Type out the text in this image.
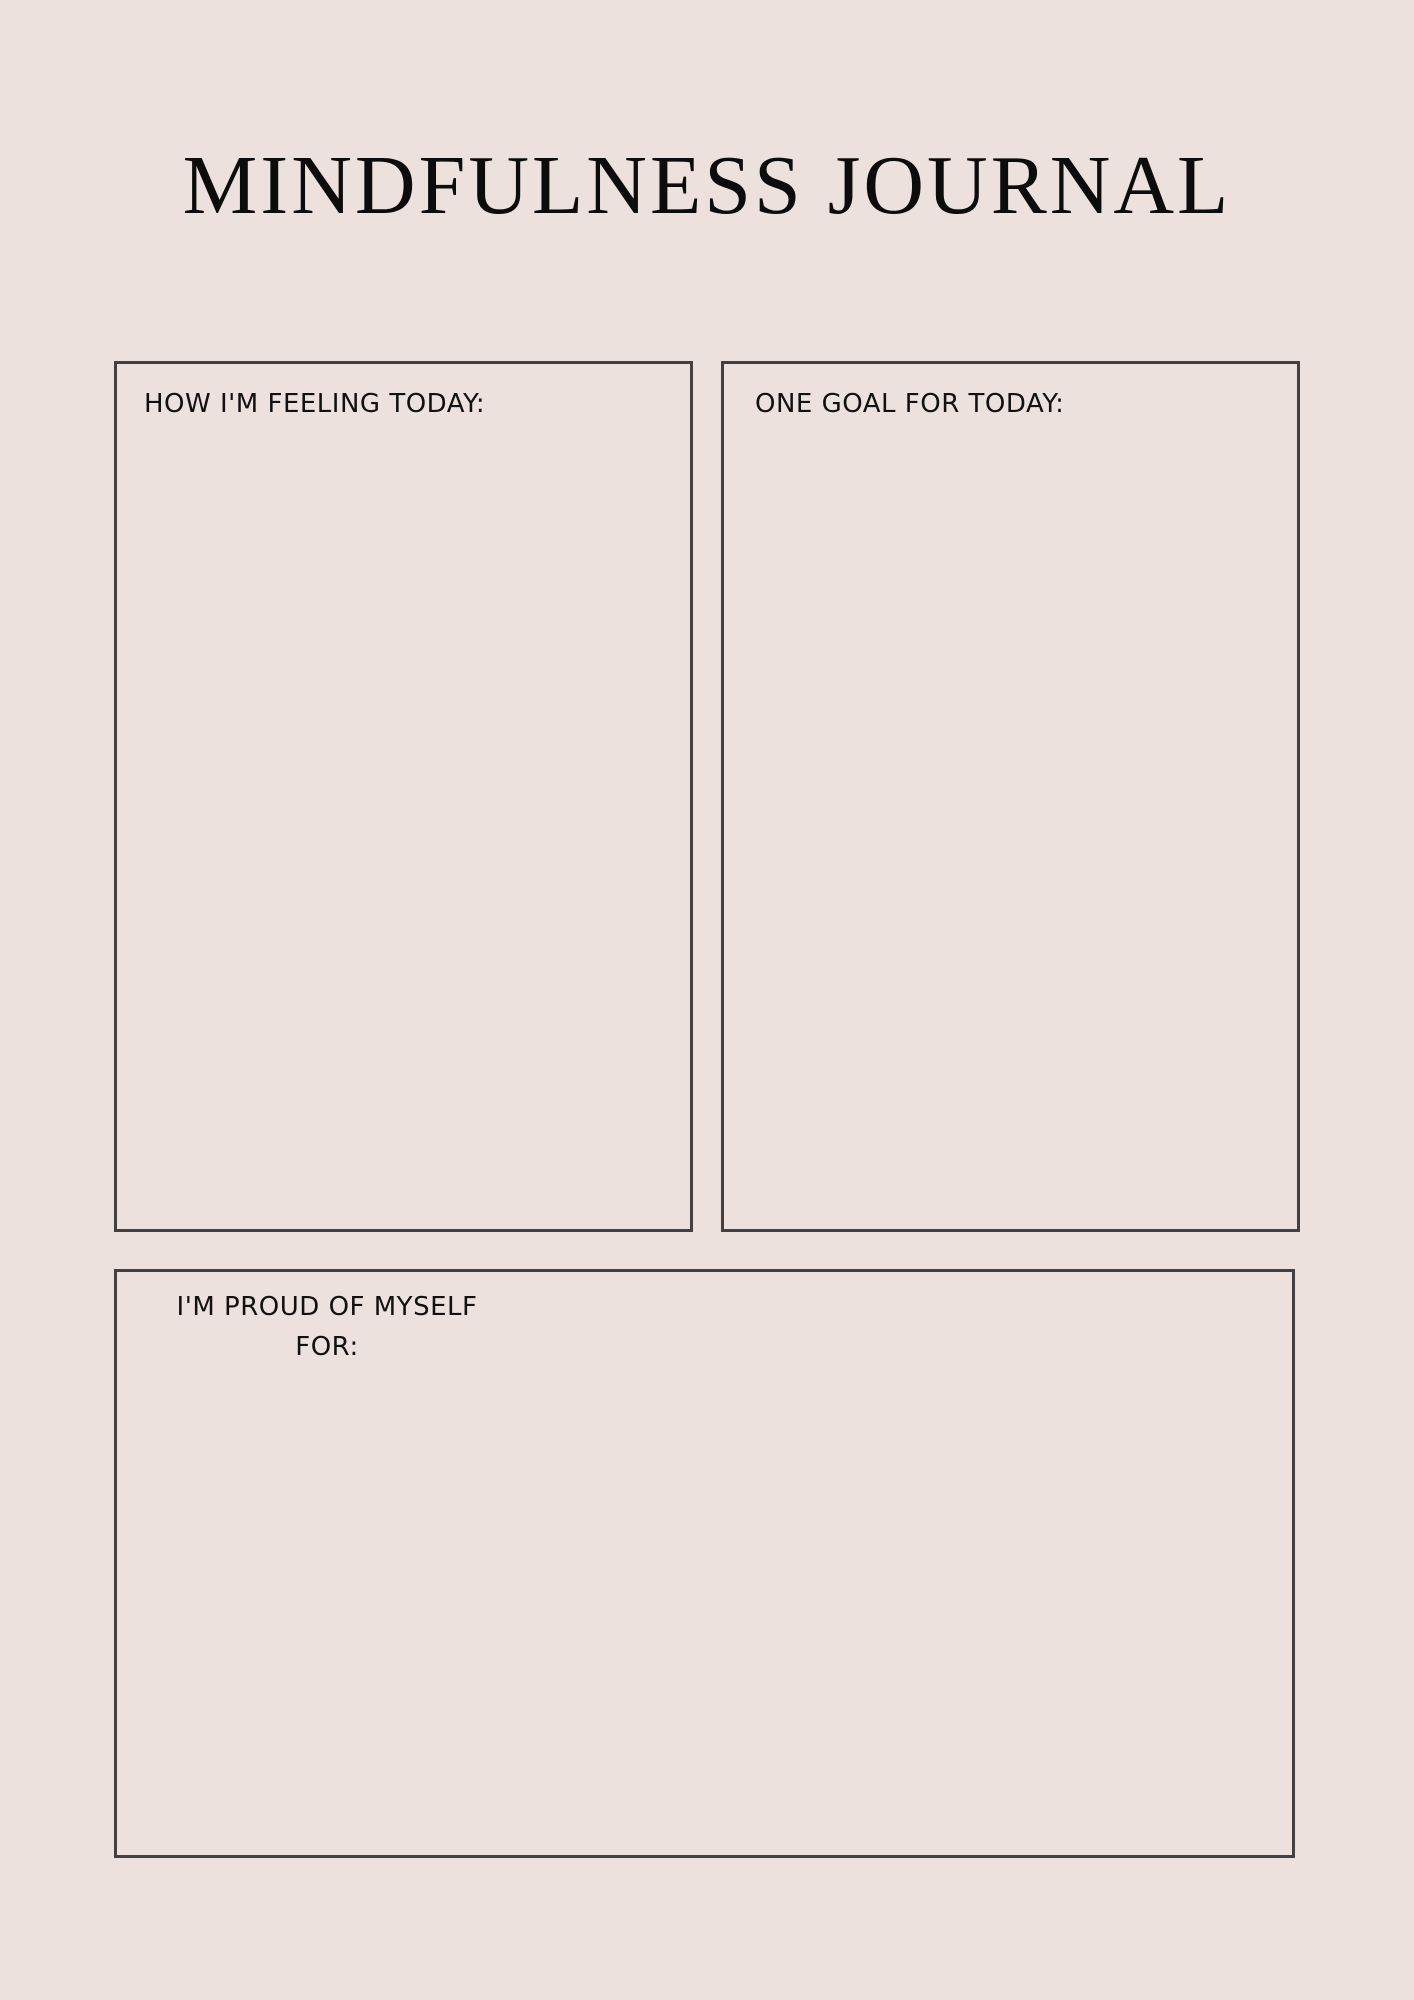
MINDFULNESS JOURNAL

HOW I'M FEELING TODAY:	ONE GOAL FOR TODAY:

I'M PROUD OF MYSELF
FOR:
